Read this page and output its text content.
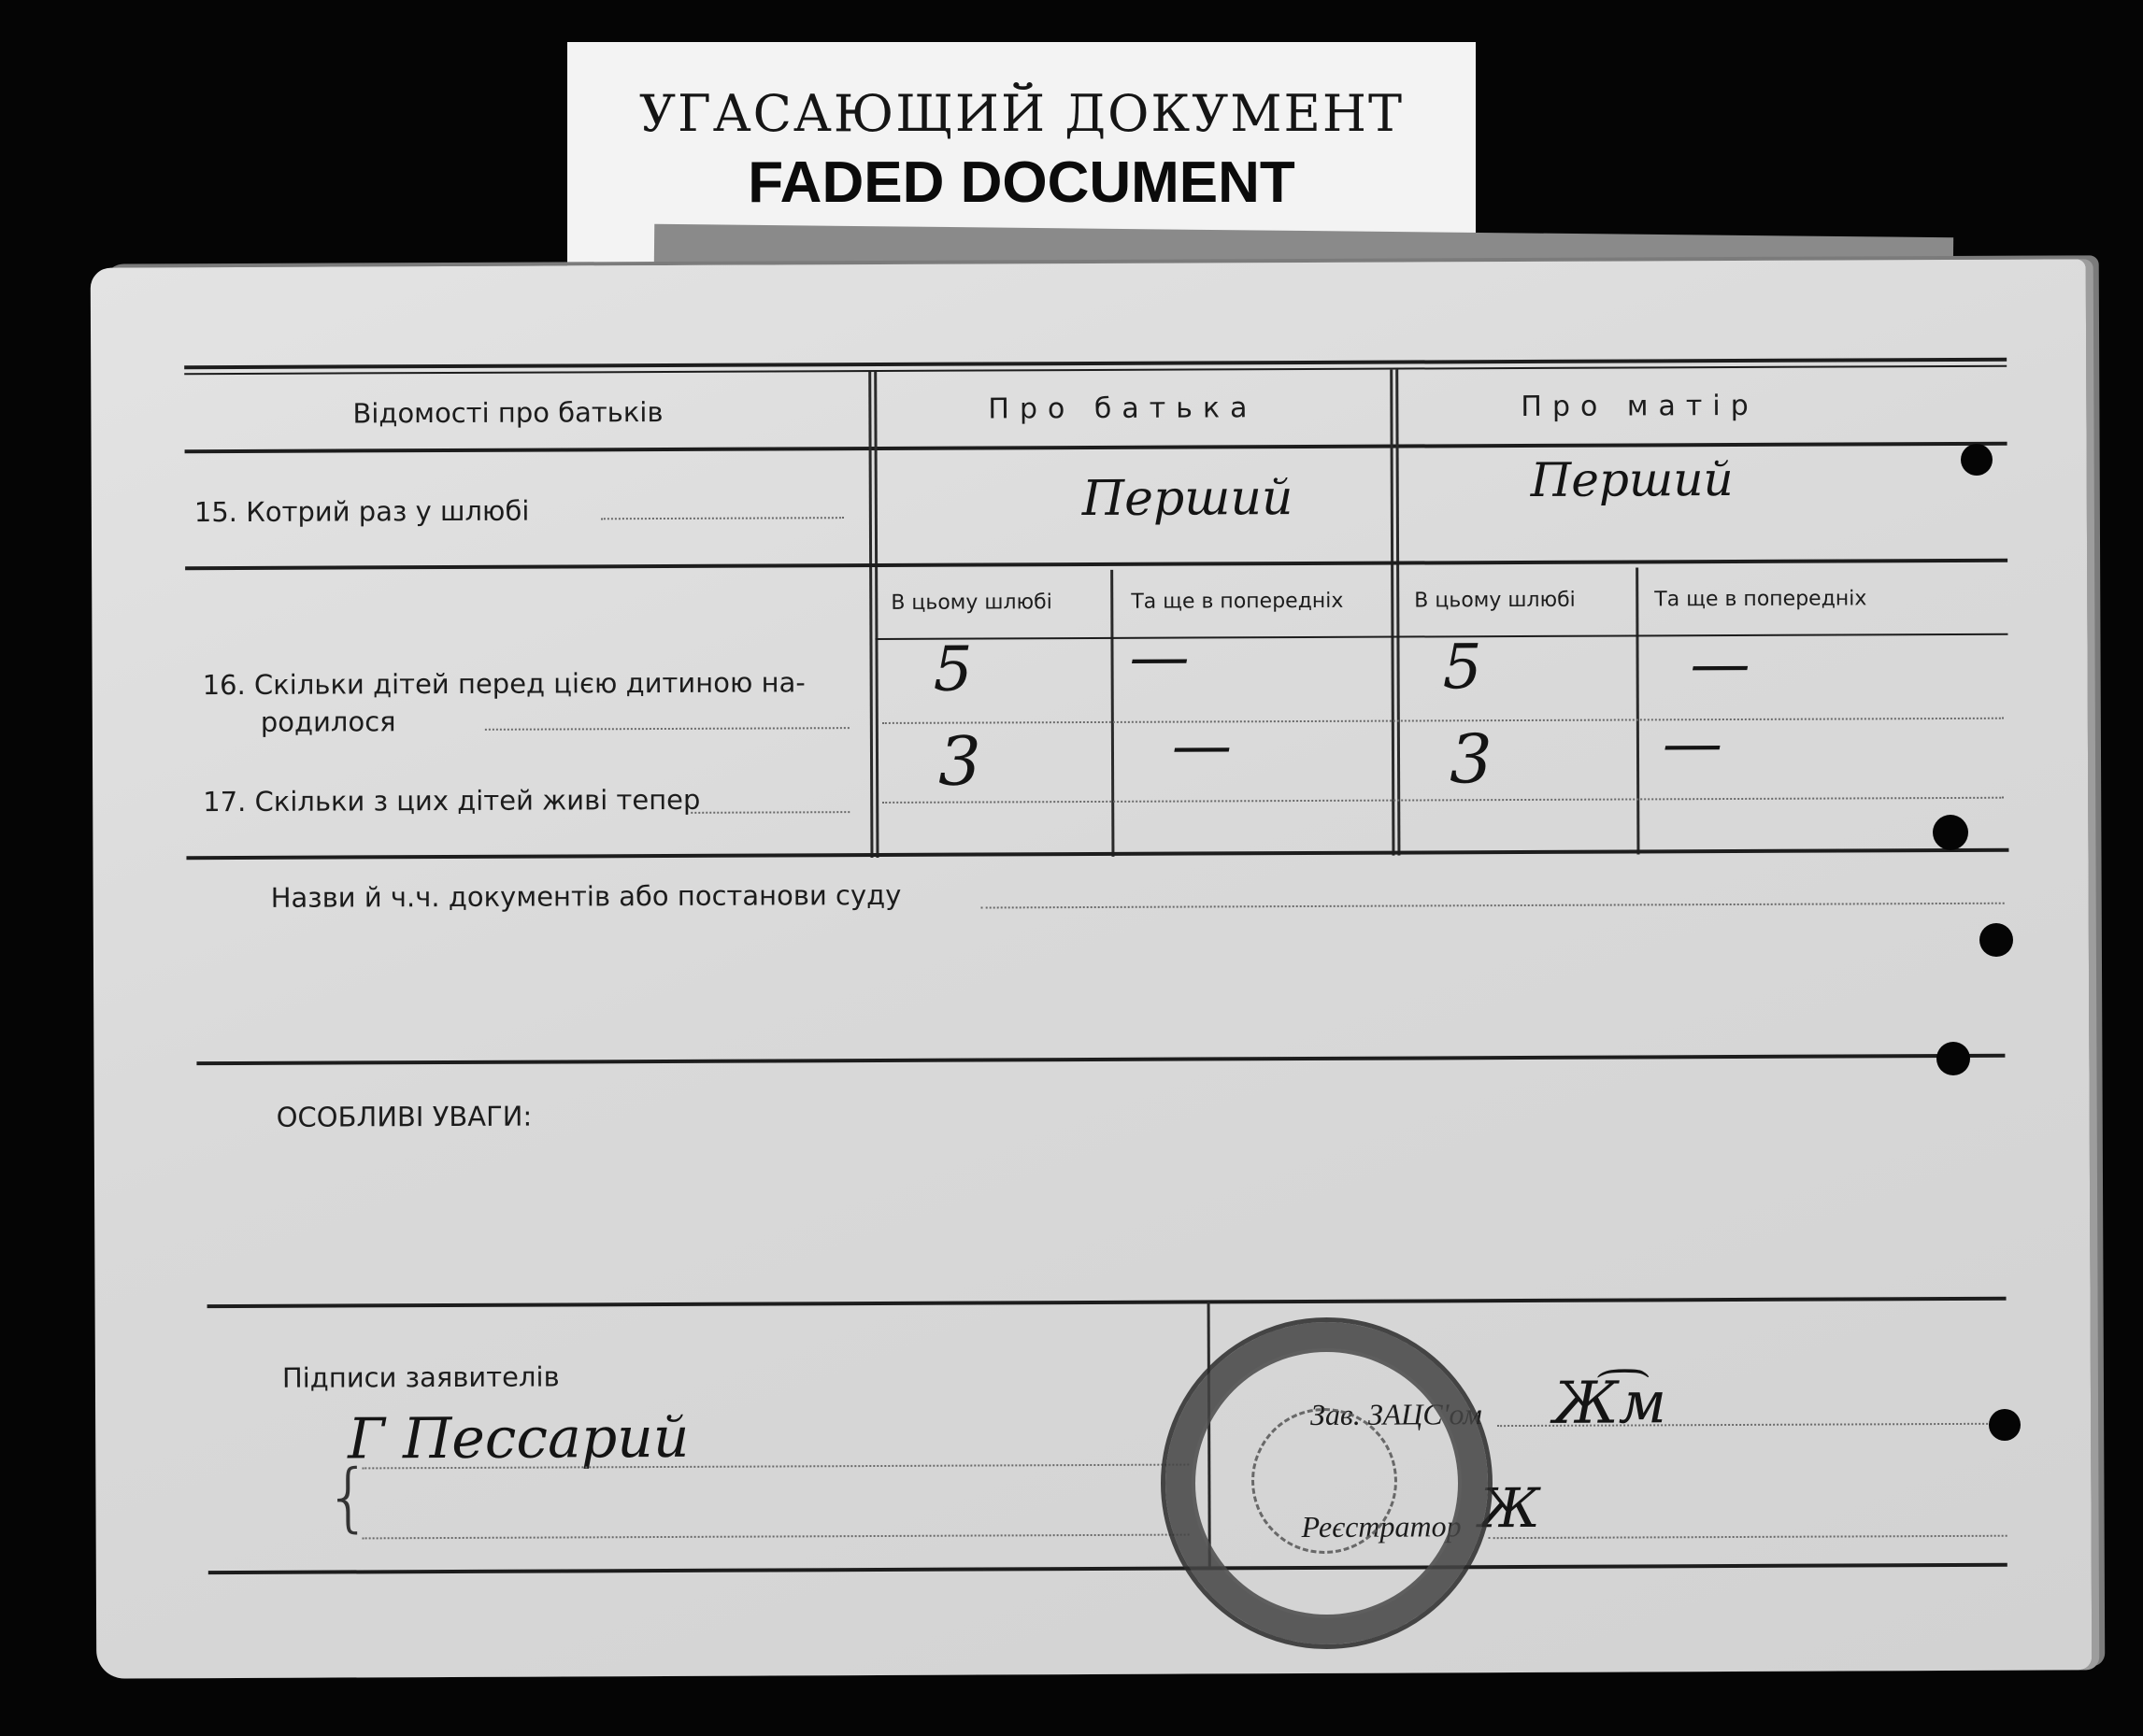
УГАСАЮЩИЙ ДОКУМЕНТ
FADED DOCUMENT
Відомості про батьків	Про батька	Про матір
15. Котрий раз у шлюбі	Перший	Перший
В цьому шлюбі	Та ще в попередніх	В цьому шлюбі	Та ще в попередніх
16. Скільки дітей перед цією дитиною на-
родилося
5	—	5	—
17. Скільки з цих дітей живі тепер
3	—	3	—
Назви й ч.ч. документів або постанови суду
ОСОБЛИВІ УВАГИ:
Підписи заявителів
Г Пессарий
{
Зав. ЗАЦС'ом Ж͡м
Реєстратор Ж
